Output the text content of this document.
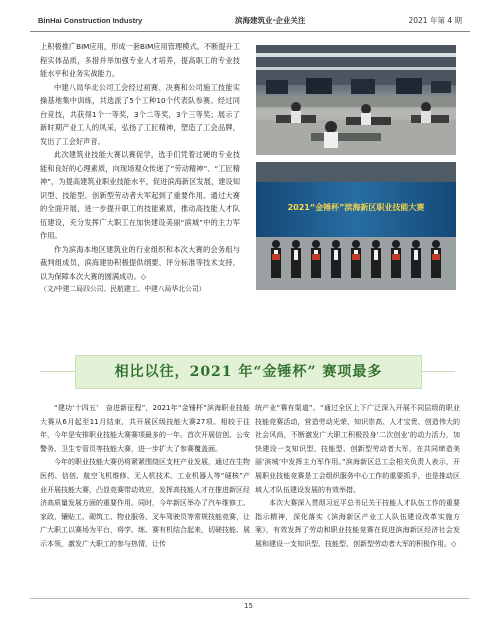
BinHai Construction Industry	滨海建筑业·企业关注	2021 年第 4 期

上积极推广BIM应用，形成一套BIM应用管理模式。不断提升工程实体品质，多措并举加强专业人才培养，提高职工的专业技能水平和业务实战能力。

中建八局华北公司工会经过初赛、决赛和公司施工技能实操基地集中训练，共选派了5个工种10个代表队参赛。经过同台竞技，共获得1个一等奖，3个二等奖，3个三等奖；展示了新时期产业工人的风采，弘扬了工匠精神，塑造了工会品牌，发出了工会好声音。

此次建筑业技能大赛以赛促学，选手们凭着过硬的专业技能和良好的心理素质，向现场观众传递了“劳动精神”、“工匠精神”，为提高建筑业职业技能水平，促进滨海新区发展，建设知识型、技能型、创新型劳动者大军起到了重要作用。通过大赛的全面开展，进一步提升职工的技能素质，推动高技能人才队伍建设，充分发挥广大职工在加快建设美丽“滨城”中的主力军作用。

作为滨海本地区建筑业的行业组织和本次大赛的会务组与裁判组成员，滨海建协积极提供纲要、评分标准等技术支持，以为保障本次大赛的圆满成功。◇

（文/中建二局四公司、民航建工、中建八局华北公司）

2021“金锤杯”滨海新区职业技能大赛
相比以往，2021 年“金锤杯” 赛项最多

“建功‘十四五’　奋进新征程”，2021年“金锤杯”滨海职业技能大赛从6月起至11月结束，共开展区级技能大赛27项。相较于往年，今年是安排职业技能大赛赛项最多的一年。首次开展信创、公安警务、卫生专管员等技能大赛，进一步扩大了参赛覆盖面。

今年的职业技能大赛仍将紧紧围绕区支柱产业发展，通过在生物医药、信创、航空飞机维修、无人机技术、工业机器人等“硬核”产业开展技能大赛，凸显竞赛带动效应，发挥高技能人才在推进新区经济高质量发展方面的重要作用。同时，今年新区举办了汽车维修工、家政、镶贴工、砌筑工、物业服务、叉车驾驶员等常规技能竞赛，让广大职工以赛场为平台，将学、练、赛有机结合起来，切磋技能、展示本领，激发广大职工的参与热情，让传

统产业“赛有渠道”。“通过全区上下广泛深入开展不同层级的职业技能竞赛活动，营造劳动光荣、知识崇高、人才宝贵、创造伟大的社会风尚，不断激发广大职工积极投身‘二次创业’的动力活力，加快建设一支知识型、技能型、创新型劳动者大军，在共同缔造美丽‘滨城’中发挥主力军作用。”滨海新区总工会相关负责人表示，开展职业技能竞赛是工会组织服务中心工作的重要抓手，也是推动区域人才队伍建设发展的有效举措。

本次大赛深入贯彻习近平总书记关于技能人才队伍工作的重要指示精神，深化落实《滨海新区产业工人队伍建设改革实施方案》，有效发挥了劳动和职业技能竞赛在促进滨海新区经济社会发展和建设一支知识型、技能型、创新型劳动者大军的积极作用。◇

15
